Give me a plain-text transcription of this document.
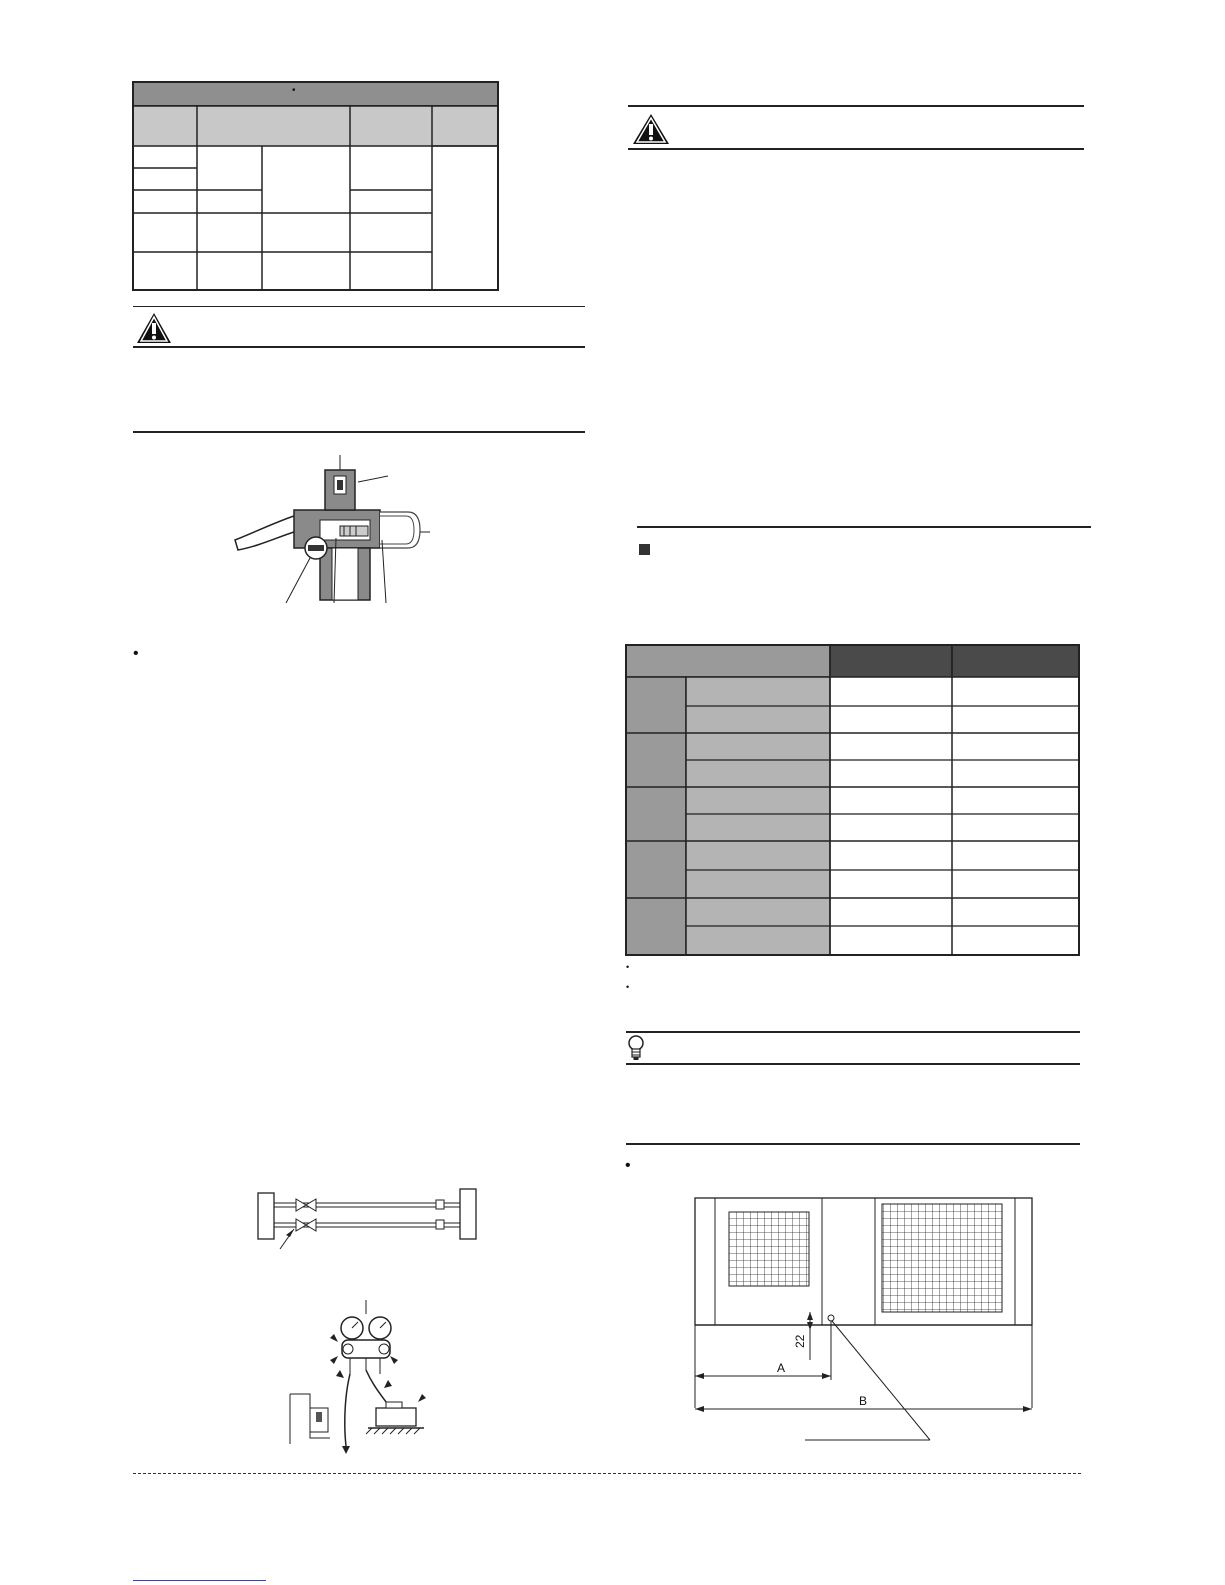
•
•
•
•
•
A
B
22
